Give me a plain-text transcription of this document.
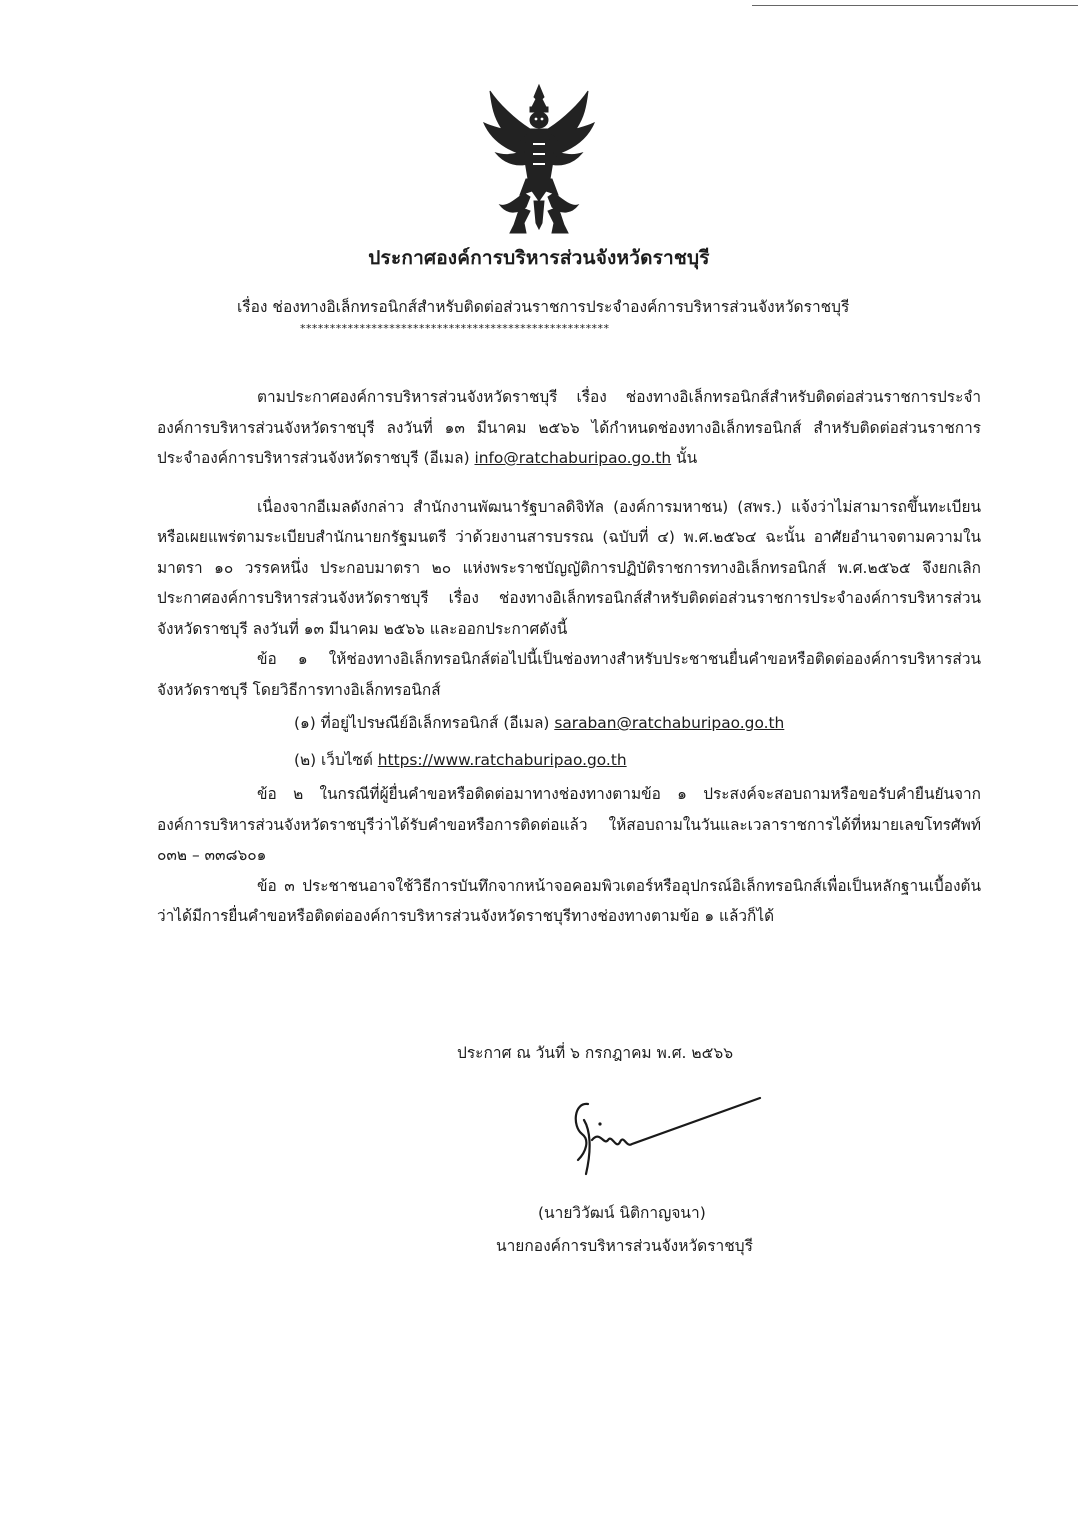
ประกาศองค์การบริหารส่วนจังหวัดราชบุรี
เรื่อง ช่องทางอิเล็กทรอนิกส์สำหรับติดต่อส่วนราชการประจำองค์การบริหารส่วนจังหวัดราชบุรี
****************************************************

ตามประกาศองค์การบริหารส่วนจังหวัดราชบุรี เรื่อง ช่องทางอิเล็กทรอนิกส์สำหรับติดต่อส่วนราชการประจำองค์การบริหารส่วนจังหวัดราชบุรี ลงวันที่ ๑๓ มีนาคม ๒๕๖๖ ได้กำหนดช่องทางอิเล็กทรอนิกส์ สำหรับติดต่อส่วนราชการประจำองค์การบริหารส่วนจังหวัดราชบุรี (อีเมล) info@ratchaburipao.go.th นั้น

เนื่องจากอีเมลดังกล่าว สำนักงานพัฒนารัฐบาลดิจิทัล (องค์การมหาชน) (สพร.) แจ้งว่าไม่สามารถขึ้นทะเบียนหรือเผยแพร่ตามระเบียบสำนักนายกรัฐมนตรี ว่าด้วยงานสารบรรณ (ฉบับที่ ๔) พ.ศ.๒๕๖๔ ฉะนั้น อาศัยอำนาจตามความในมาตรา ๑๐ วรรคหนึ่ง ประกอบมาตรา ๒๐ แห่งพระราชบัญญัติการปฏิบัติราชการทางอิเล็กทรอนิกส์ พ.ศ.๒๕๖๕ จึงยกเลิกประกาศองค์การบริหารส่วนจังหวัดราชบุรี เรื่อง ช่องทางอิเล็กทรอนิกส์สำหรับติดต่อส่วนราชการประจำองค์การบริหารส่วนจังหวัดราชบุรี ลงวันที่ ๑๓ มีนาคม ๒๕๖๖ และออกประกาศดังนี้

ข้อ ๑ ให้ช่องทางอิเล็กทรอนิกส์ต่อไปนี้เป็นช่องทางสำหรับประชาชนยื่นคำขอหรือติดต่อองค์การบริหารส่วนจังหวัดราชบุรี โดยวิธีการทางอิเล็กทรอนิกส์

(๑) ที่อยู่ไปรษณีย์อิเล็กทรอนิกส์ (อีเมล) saraban@ratchaburipao.go.th

(๒) เว็บไซต์ https://www.ratchaburipao.go.th

ข้อ ๒ ในกรณีที่ผู้ยื่นคำขอหรือติดต่อมาทางช่องทางตามข้อ ๑ ประสงค์จะสอบถามหรือขอรับคำยืนยันจากองค์การบริหารส่วนจังหวัดราชบุรีว่าได้รับคำขอหรือการติดต่อแล้ว ให้สอบถามในวันและเวลาราชการได้ที่หมายเลขโทรศัพท์ ๐๓๒ – ๓๓๘๖๐๑

ข้อ ๓ ประชาชนอาจใช้วิธีการบันทึกจากหน้าจอคอมพิวเตอร์หรืออุปกรณ์อิเล็กทรอนิกส์เพื่อเป็นหลักฐานเบื้องต้นว่าได้มีการยื่นคำขอหรือติดต่อองค์การบริหารส่วนจังหวัดราชบุรีทางช่องทางตามข้อ ๑ แล้วก็ได้

ประกาศ ณ วันที่ ๖ กรกฎาคม พ.ศ. ๒๕๖๖
(นายวิวัฒน์ นิติกาญจนา)
นายกองค์การบริหารส่วนจังหวัดราชบุรี
